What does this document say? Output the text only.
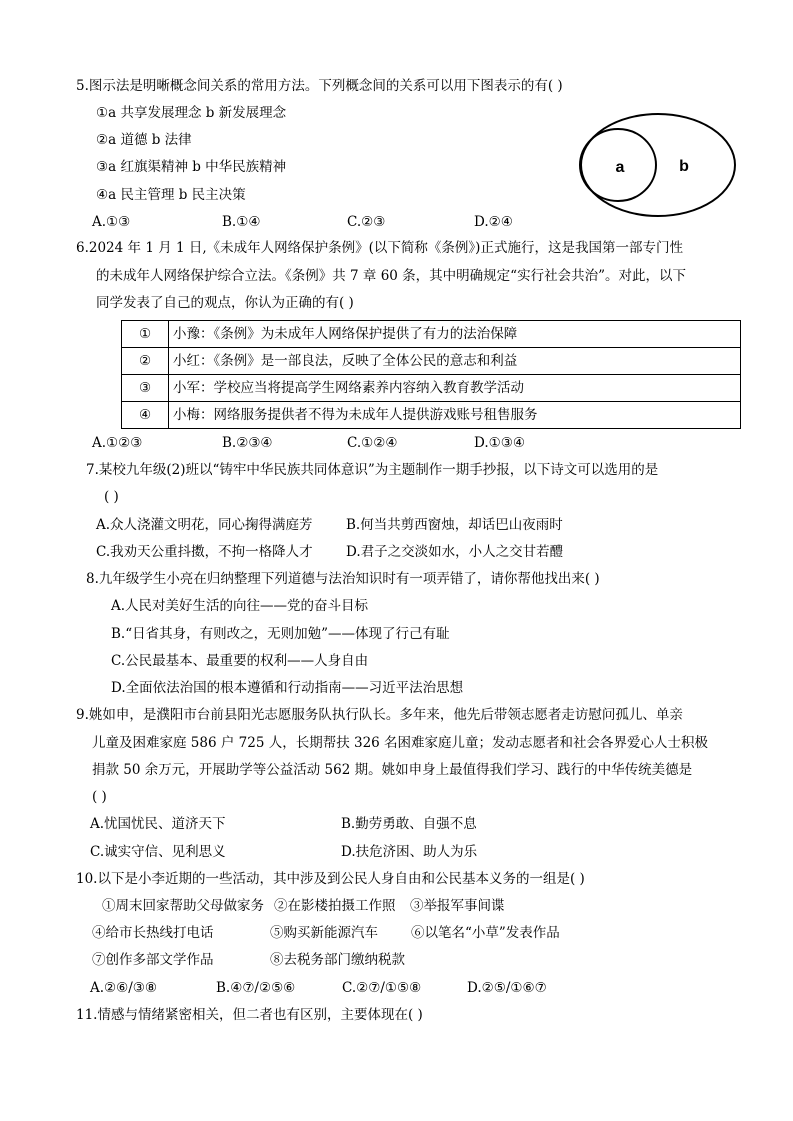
5.图示法是明晰概念间关系的常用方法。下列概念间的关系可以用下图表示的有( )
①a 共享发展理念 b 新发展理念
②a 道德 b 法律
③a 红旗渠精神 b 中华民族精神
④a 民主管理 b 民主决策
A.①③	B.①④	C.②③	D.②④
a	b
6.2024 年 1 月 1 日,《未成年人网络保护条例》(以下简称《条例》)正式施行，这是我国第一部专门性
的未成年人网络保护综合立法。《条例》共 7 章 60 条，其中明确规定“实行社会共治”。对此，以下
同学发表了自己的观点，你认为正确的有( )
①	小豫：《条例》为未成年人网络保护提供了有力的法治保障
②	小红：《条例》是一部良法，反映了全体公民的意志和利益
③	小军：学校应当将提高学生网络素养内容纳入教育教学活动
④	小梅：网络服务提供者不得为未成年人提供游戏账号租售服务
A.①②③	B.②③④	C.①②④	D.①③④
7.某校九年级(2)班以“铸牢中华民族共同体意识”为主题制作一期手抄报，以下诗文可以选用的是
( )
A.众人浇灌文明花，同心掬得满庭芳 B.何当共剪西窗烛，却话巴山夜雨时
C.我劝天公重抖擞，不拘一格降人才 D.君子之交淡如水，小人之交甘若醴
8.九年级学生小亮在归纳整理下列道德与法治知识时有一项弄错了，请你帮他找出来( )
A.人民对美好生活的向往——党的奋斗目标
B.“日省其身，有则改之，无则加勉”——体现了行己有耻
C.公民最基本、最重要的权利——人身自由
D.全面依法治国的根本遵循和行动指南——习近平法治思想
9.姚如申，是濮阳市台前县阳光志愿服务队执行队长。多年来，他先后带领志愿者走访慰问孤儿、单亲
儿童及困难家庭 586 户 725 人，长期帮扶 326 名困难家庭儿童；发动志愿者和社会各界爱心人士积极
捐款 50 余万元，开展助学等公益活动 562 期。姚如申身上最值得我们学习、践行的中华传统美德是
( )
A.忧国忧民、道济天下	B.勤劳勇敢、自强不息
C.诚实守信、见利思义	D.扶危济困、助人为乐
10.以下是小李近期的一些活动，其中涉及到公民人身自由和公民基本义务的一组是( )
①周末回家帮助父母做家务 ②在影楼拍摄工作照 ③举报军事间谍
④给市长热线打电话	⑤购买新能源汽车 ⑥以笔名“小草”发表作品
⑦创作多部文学作品	⑧去税务部门缴纳税款
A.②⑥/③⑧	B.④⑦/②⑤⑥	C.②⑦/①⑤⑧	D.②⑤/①⑥⑦
11.情感与情绪紧密相关，但二者也有区别，主要体现在( )
